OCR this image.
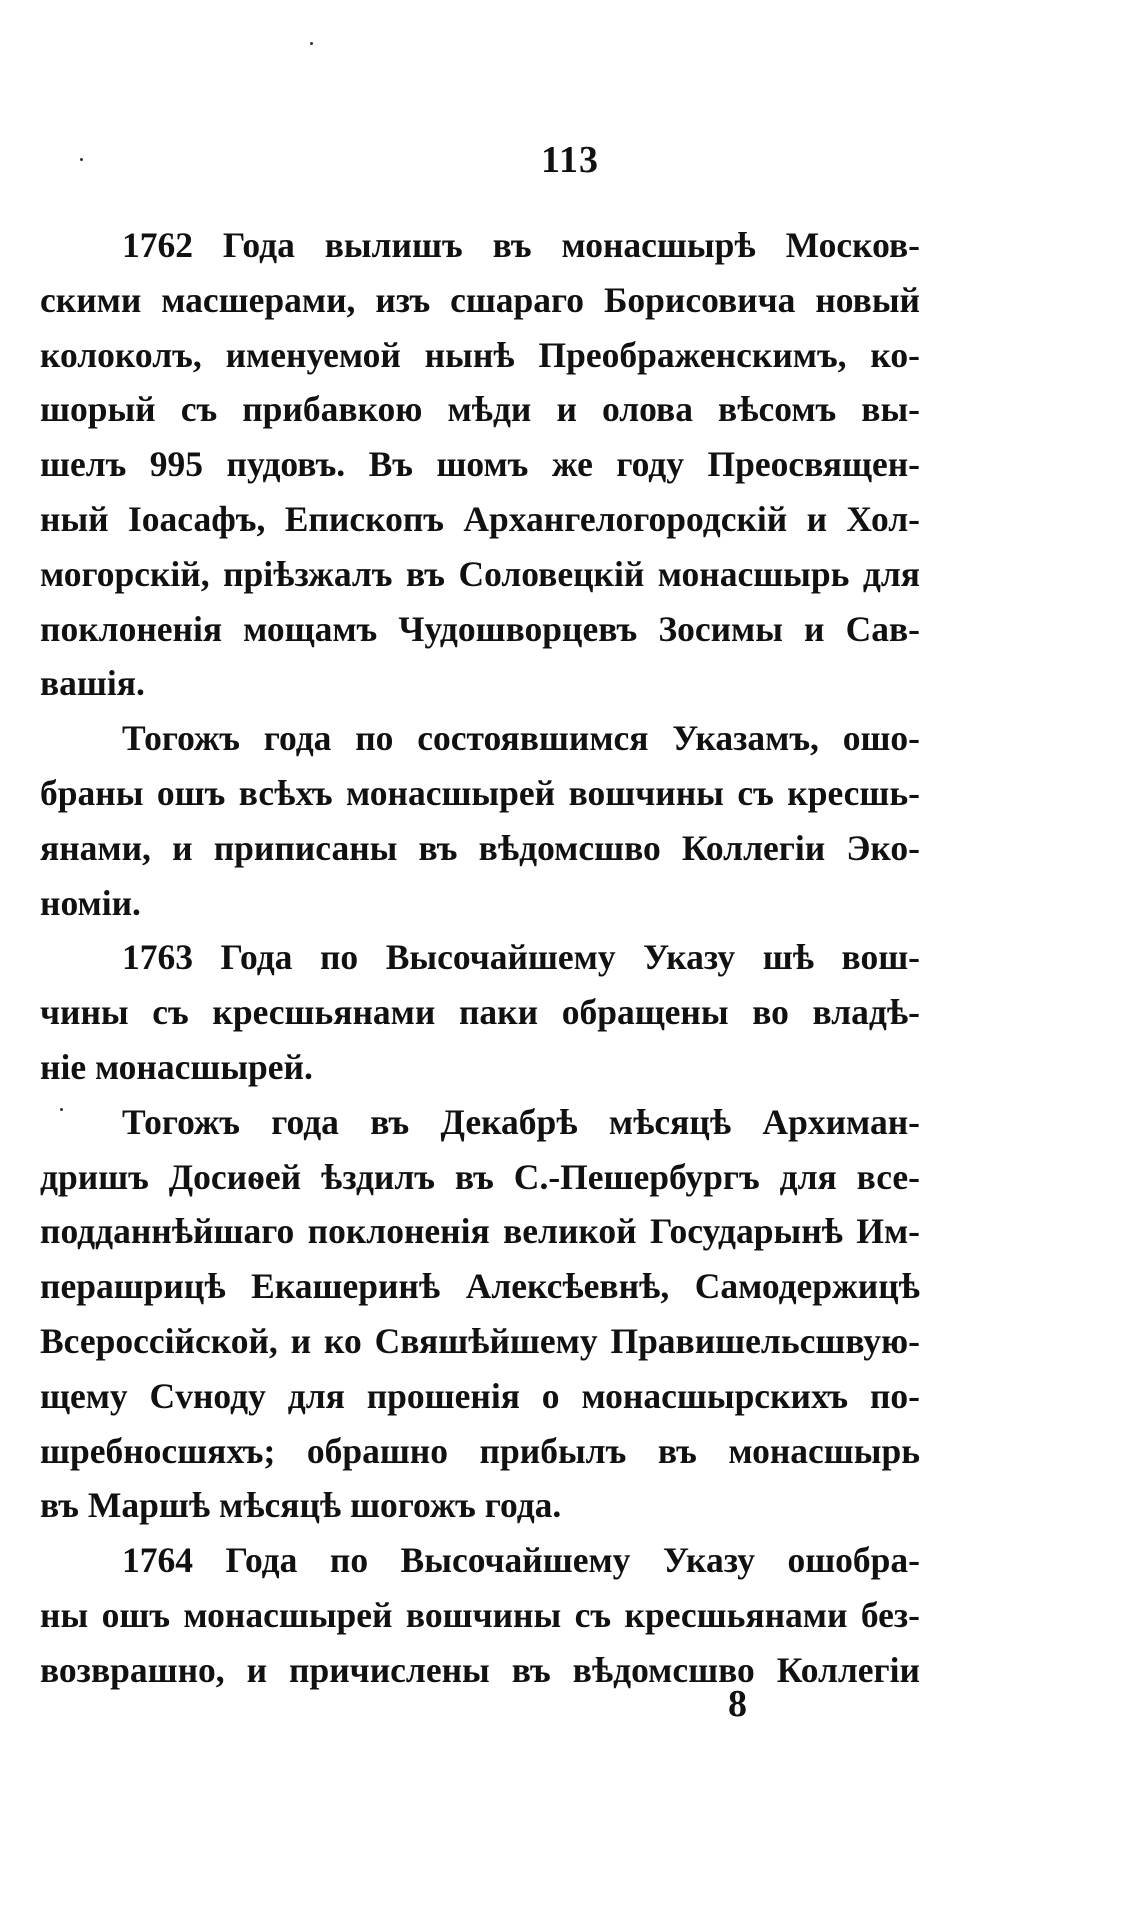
113

1762 Года вылишъ въ монасшырѣ Москов-
скими масшерами, изъ сшараго Борисовича новый
колоколъ, именуемой нынѣ Преображенскимъ, ко-
шорый съ прибавкою мѣди и олова вѣсомъ вы-
шелъ 995 пудовъ. Въ шомъ же году Преосвящен-
ный Іоасафъ, Епископъ Архангелогородскій и Хол-
могорскій, пріѣзжалъ въ Соловецкій монасшырь для
поклоненія мощамъ Чудошворцевъ Зосимы и Сав-
вашія.

Тогожъ года по состоявшимся Указамъ, ошо-
браны ошъ всѣхъ монасшырей вошчины съ кресшь-
янами, и приписаны въ вѣдомсшво Коллегіи Эко-
номіи.

1763 Года по Высочайшему Указу шѣ вош-
чины съ кресшьянами паки обращены во владѣ-
ніе монасшырей.

Тогожъ года въ Декабрѣ мѣсяцѣ Архиман-
дришъ Досиѳей ѣздилъ въ С.-Пешербургъ для все-
подданнѣйшаго поклоненія великой Государынѣ Им-
перашрицѣ Екашеринѣ Алексѣевнѣ, Самодержицѣ
Всероссійской, и ко Свяшѣйшему Правишельсшвую-
щему Сvноду для прошенія о монасшырскихъ по-
шребносшяхъ; обрашно прибылъ въ монасшырь
въ Маршѣ мѣсяцѣ шогожъ года.

1764 Года по Высочайшему Указу ошобра-
ны ошъ монасшырей вошчины съ кресшьянами без-
возврашно, и причислены въ вѣдомсшво Коллегіи

8
